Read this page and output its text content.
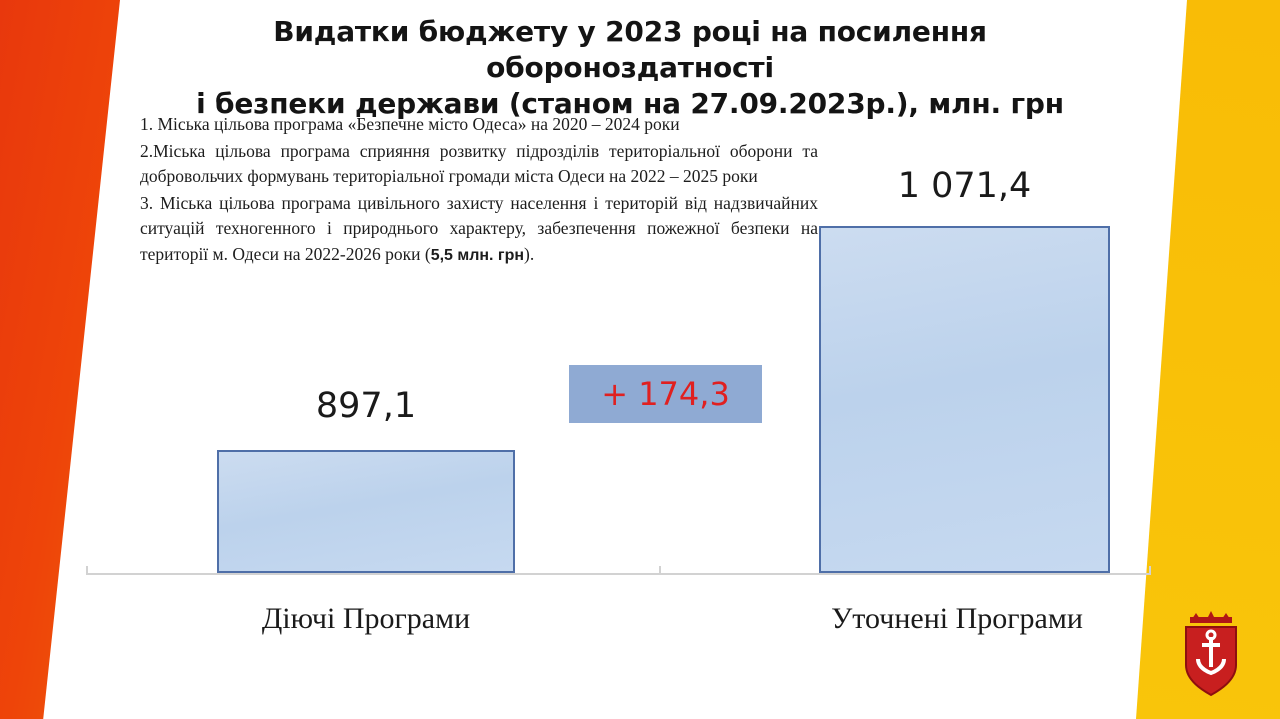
Видатки бюджету у 2023 році на посилення обороноздатності
і безпеки держави (станом на 27.09.2023р.), млн. грн

1. Міська цільова програма «Безпечне місто Одеса» на 2020 – 2024 роки

2.Міська цільова програма сприяння розвитку підрозділів територіальної оборони та добровольчих формувань територіальної громади міста Одеси на 2022 – 2025 роки

3. Міська цільова програма цивільного захисту населення і територій від надзвичайних ситуацій техногенного і природнього характеру, забезпечення пожежної безпеки на території м. Одеси на 2022-2026 роки (5,5 млн. грн).

897,1
1 071,4
+ 174,3
Діючі Програми	Уточнені Програми
